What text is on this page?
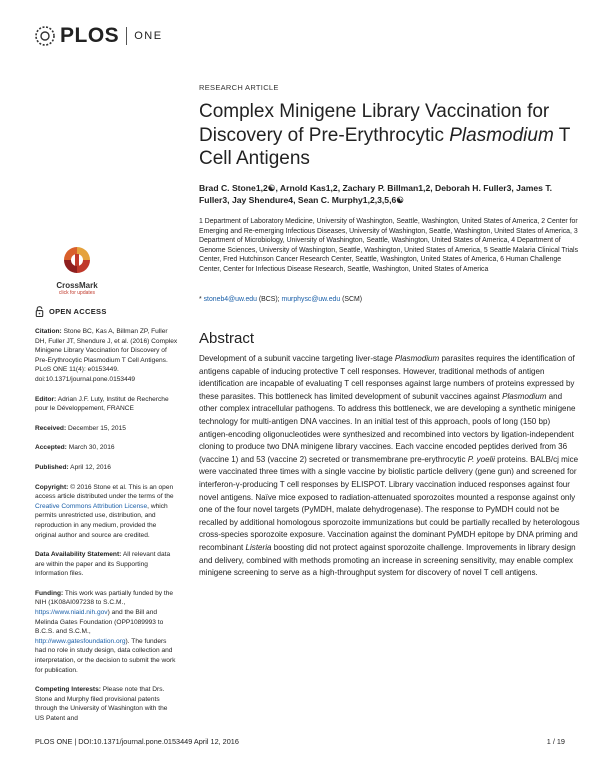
PLOS ONE
CrossMark
click for updates
OPEN ACCESS
Citation: Stone BC, Kas A, Billman ZP, Fuller DH, Fuller JT, Shendure J, et al. (2016) Complex Minigene Library Vaccination for Discovery of Pre-Erythrocytic Plasmodium T Cell Antigens. PLoS ONE 11(4): e0153449. doi:10.1371/journal.pone.0153449
Editor: Adrian J.F. Luty, Institut de Recherche pour le Développement, FRANCE
Received: December 15, 2015
Accepted: March 30, 2016
Published: April 12, 2016
Copyright: © 2016 Stone et al. This is an open access article distributed under the terms of the Creative Commons Attribution License, which permits unrestricted use, distribution, and reproduction in any medium, provided the original author and source are credited.
Data Availability Statement: All relevant data are within the paper and its Supporting Information files.
Funding: This work was partially funded by the NIH (1K08AI097238 to S.C.M., https://www.niaid.nih.gov) and the Bill and Melinda Gates Foundation (OPP1089993 to B.C.S. and S.C.M., http://www.gatesfoundation.org). The funders had no role in study design, data collection and interpretation, or the decision to submit the work for publication.
Competing Interests: Please note that Drs. Stone and Murphy filed provisional patents through the University of Washington with the US Patent and
RESEARCH ARTICLE
Complex Minigene Library Vaccination for Discovery of Pre-Erythrocytic Plasmodium T Cell Antigens
Brad C. Stone1,2☯, Arnold Kas1,2, Zachary P. Billman1,2, Deborah H. Fuller3, James T. Fuller3, Jay Shendure4, Sean C. Murphy1,2,3,5,6☯
1 Department of Laboratory Medicine, University of Washington, Seattle, Washington, United States of America, 2 Center for Emerging and Re-emerging Infectious Diseases, University of Washington, Seattle, Washington, United States of America, 3 Department of Microbiology, University of Washington, Seattle, Washington, United States of America, 4 Department of Genome Sciences, University of Washington, Seattle, Washington, United States of America, 5 Seattle Malaria Clinical Trials Center, Fred Hutchinson Cancer Research Center, Seattle, Washington, United States of America, 6 Human Challenge Center, Center for Infectious Disease Research, Seattle, Washington, United States of America
* stoneb4@uw.edu (BCS); murphysc@uw.edu (SCM)
Abstract
Development of a subunit vaccine targeting liver-stage Plasmodium parasites requires the identification of antigens capable of inducing protective T cell responses. However, traditional methods of antigen identification are incapable of evaluating T cell responses against large numbers of proteins expressed by these parasites. This bottleneck has limited development of subunit vaccines against Plasmodium and other complex intracellular pathogens. To address this bottleneck, we are developing a synthetic minigene technology for multi-antigen DNA vaccines. In an initial test of this approach, pools of long (150 bp) antigen-encoding oligonucleotides were synthesized and recombined into vectors by ligation-independent cloning to produce two DNA minigene library vaccines. Each vaccine encoded peptides derived from 36 (vaccine 1) and 53 (vaccine 2) secreted or transmembrane pre-erythrocytic P. yoelii proteins. BALB/cj mice were vaccinated three times with a single vaccine by biolistic particle delivery (gene gun) and screened for interferon-γ-producing T cell responses by ELISPOT. Library vaccination induced responses against four novel antigens. Naïve mice exposed to radiation-attenuated sporozoites mounted a response against only one of the four novel targets (PyMDH, malate dehydrogenase). The response to PyMDH could not be recalled by additional homologous sporozoite immunizations but could be partially recalled by heterologous cross-species sporozoite exposure. Vaccination against the dominant PyMDH epitope by DNA priming and recombinant Listeria boosting did not protect against sporozoite challenge. Improvements in library design and delivery, combined with methods promoting an increase in screening sensitivity, may enable complex minigene screening to serve as a high-throughput system for discovery of novel T cell antigens.
PLOS ONE | DOI:10.1371/journal.pone.0153449 April 12, 2016	1 / 19
